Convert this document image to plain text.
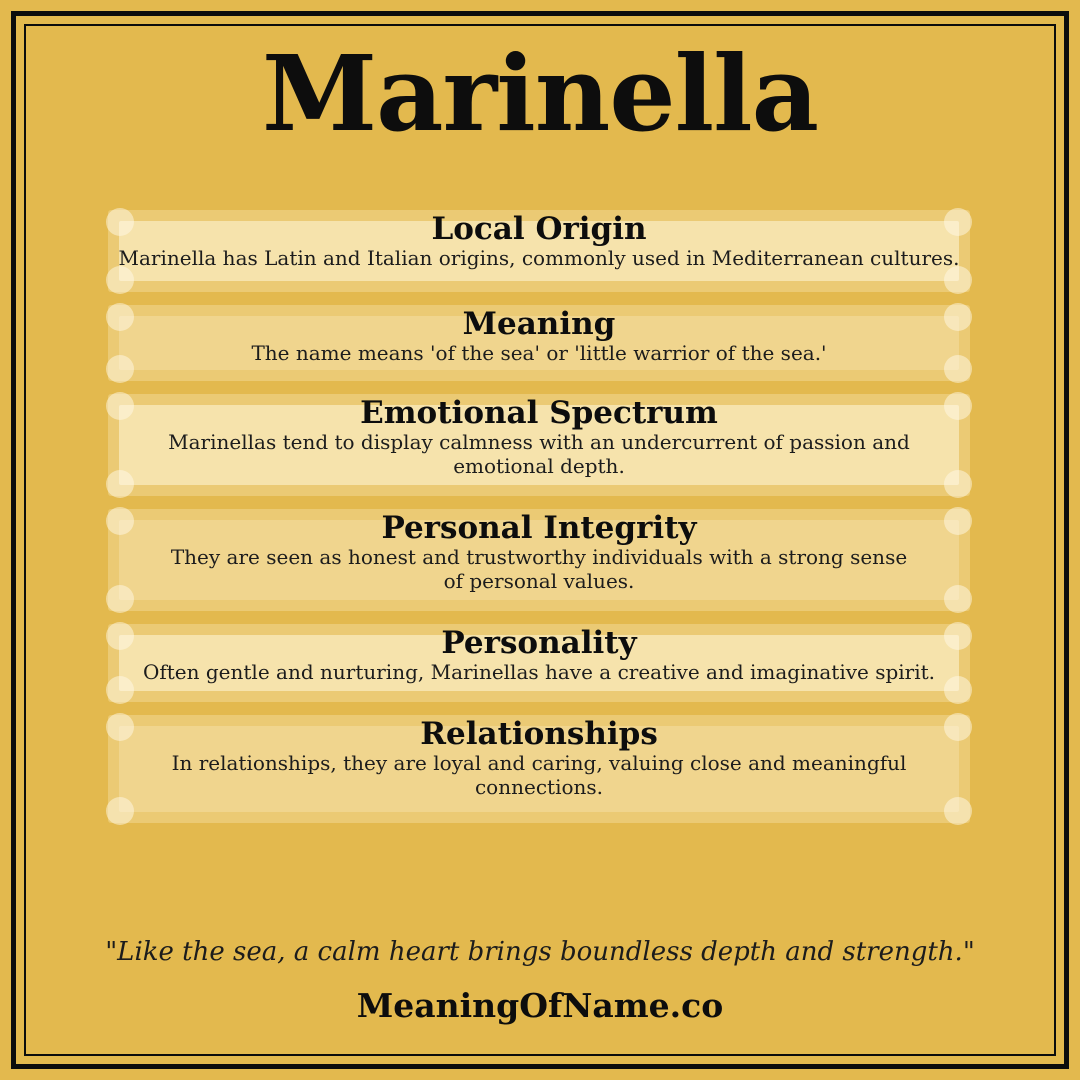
Marinella
Local Origin

Marinella has Latin and Italian origins, commonly used in Mediterranean cultures.

Meaning

The name means 'of the sea' or 'little warrior of the sea.'

Emotional Spectrum

Marinellas tend to display calmness with an undercurrent of passion and emotional depth.

Personal Integrity

They are seen as honest and trustworthy individuals with a strong sense of personal values.

Personality

Often gentle and nurturing, Marinellas have a creative and imaginative spirit.

Relationships

In relationships, they are loyal and caring, valuing close and meaningful connections.

"Like the sea, a calm heart brings boundless depth and strength."
MeaningOfName.co
